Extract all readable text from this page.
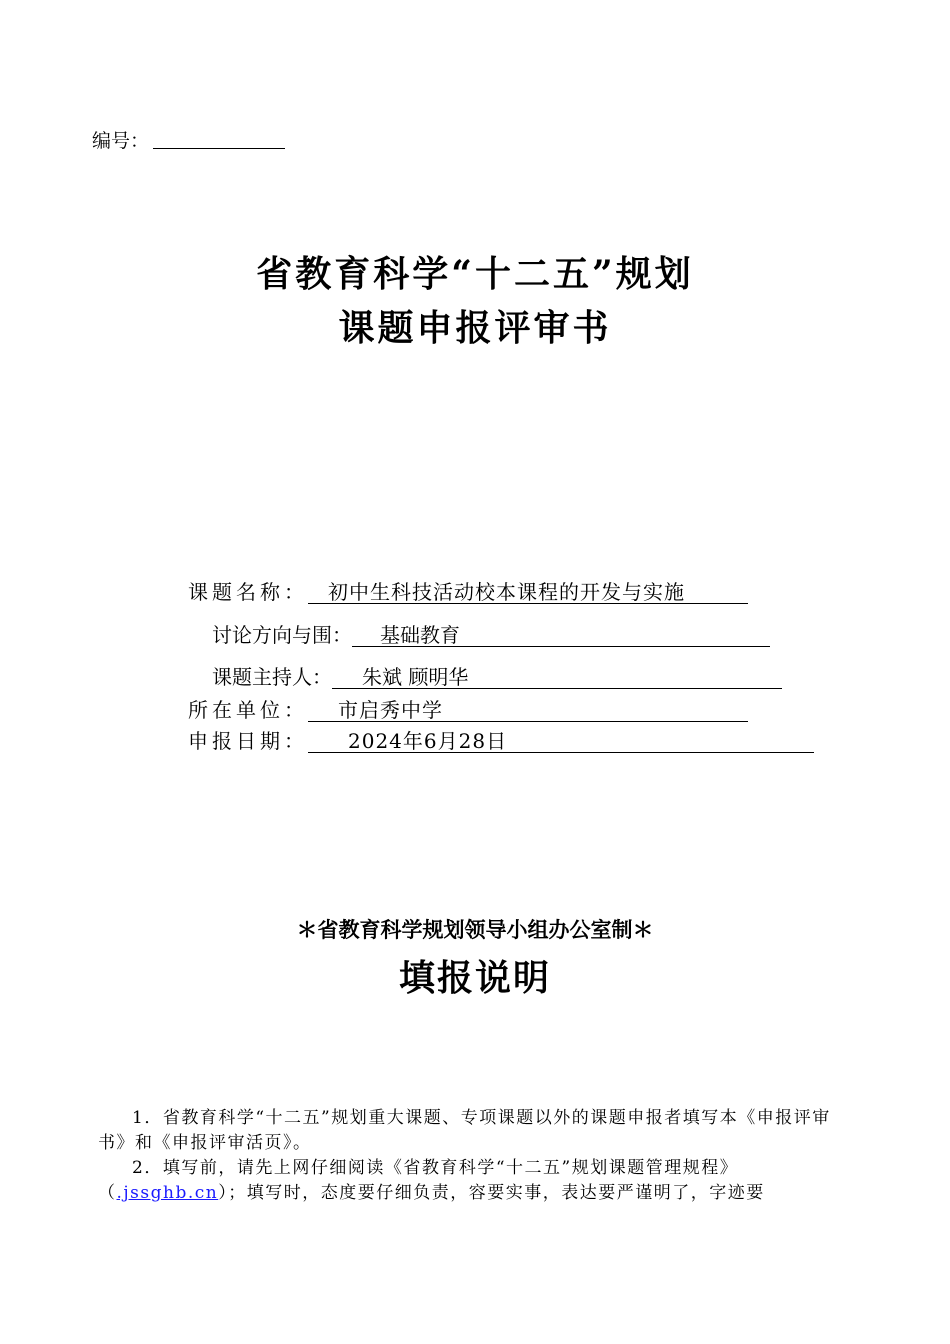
编号：
省教育科学“十二五”规划
课题申报评审书
课题名称： 初中生科技活动校本课程的开发与实施
讨论方向与围： 基础教育
课题主持人： 朱斌 顾明华
所在单位： 市启秀中学
申报日期： 2024年6月28日
＊省教育科学规划领导小组办公室制＊
填报说明
1．省教育科学“十二五”规划重大课题、专项课题以外的课题申报者填写本《申报评审书》和《申报评审活页》。
2．填写前，请先上网仔细阅读《省教育科学“十二五”规划课题管理规程》（.jssghb.cn）；填写时，态度要仔细负责，容要实事，表达要严谨明了，字迹要
